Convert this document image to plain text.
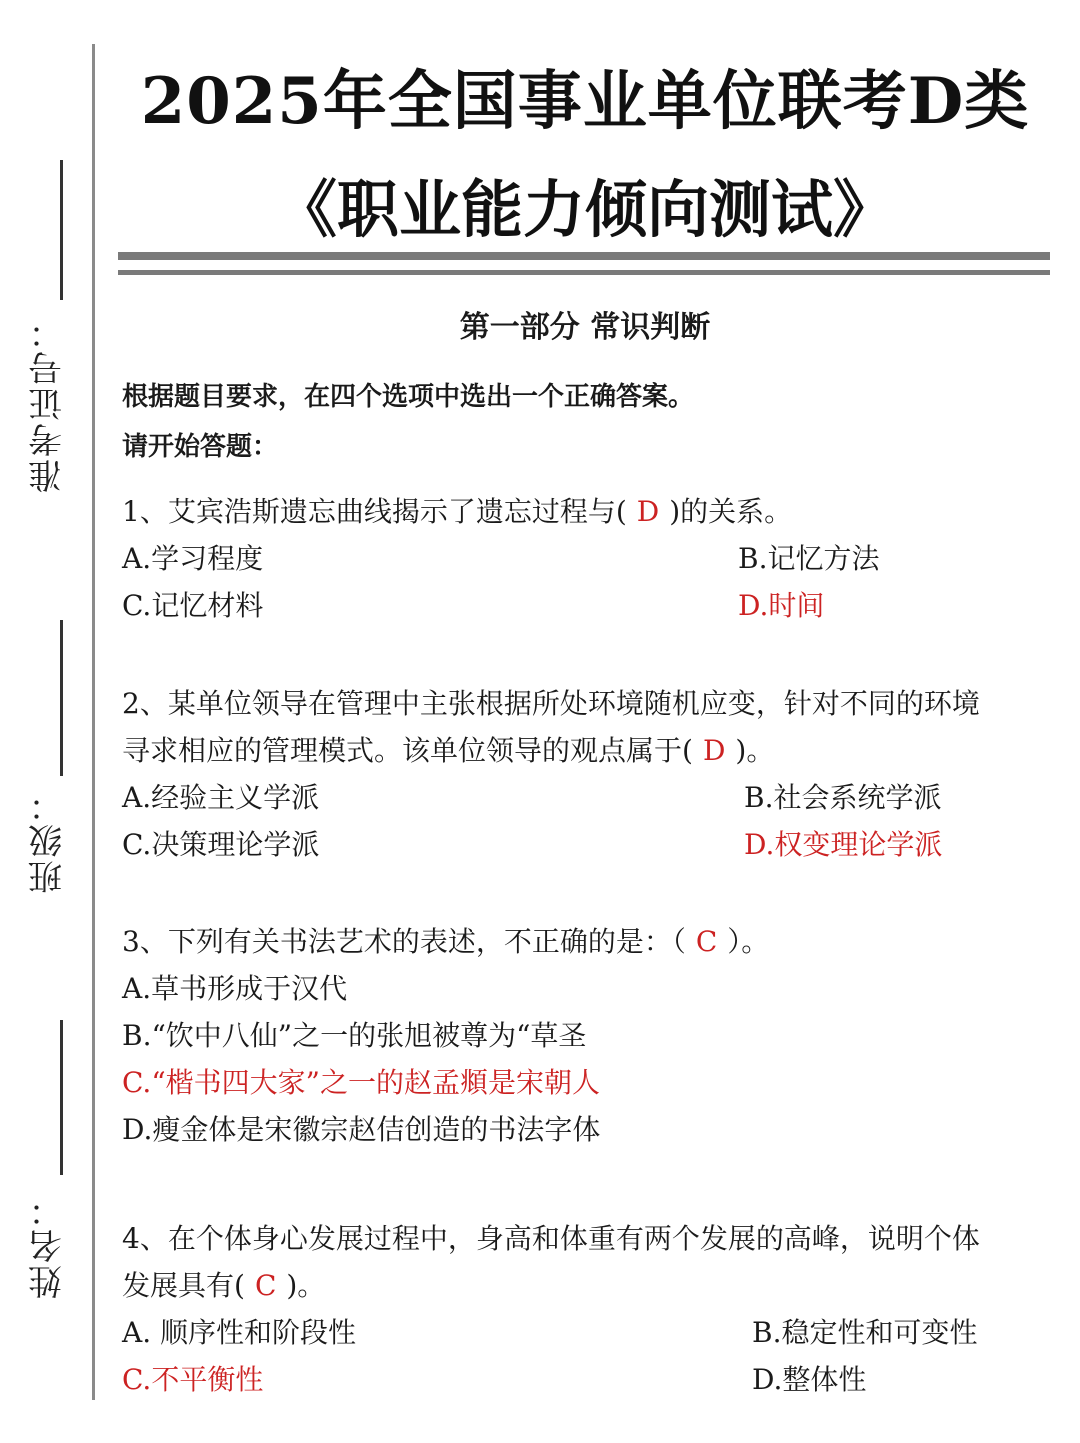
准考证号：
班级：
姓名：
2025年全国事业单位联考D类
《职业能力倾向测试》
第一部分 常识判断
根据题目要求，在四个选项中选出一个正确答案。
请开始答题：
1、艾宾浩斯遗忘曲线揭示了遗忘过程与( D )的关系。
A.学习程度	B.记忆方法
C.记忆材料	D.时间
2、某单位领导在管理中主张根据所处环境随机应变，针对不同的环境
寻求相应的管理模式。该单位领导的观点属于( D )。
A.经验主义学派	B.社会系统学派
C.决策理论学派	D.权变理论学派
3、下列有关书法艺术的表述，不正确的是：（ C ）。
A.草书形成于汉代
B.“饮中八仙”之一的张旭被尊为“草圣
C.“楷书四大家”之一的赵孟頫是宋朝人
D.瘦金体是宋徽宗赵佶创造的书法字体
4、在个体身心发展过程中，身高和体重有两个发展的高峰，说明个体
发展具有( C )。
A. 顺序性和阶段性	B.稳定性和可变性
C.不平衡性	D.整体性
